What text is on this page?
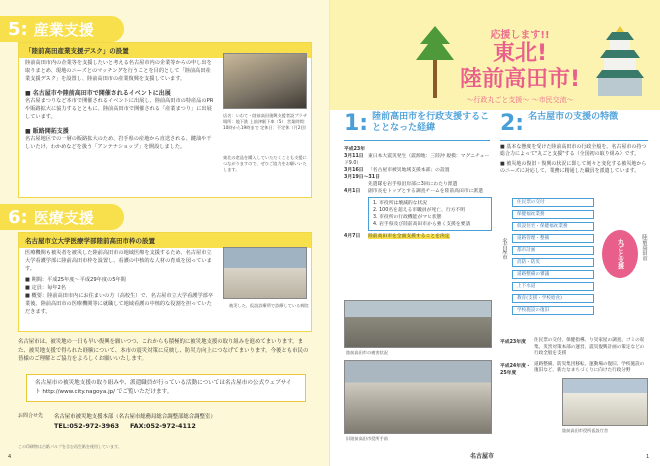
5: 産業支援
「陸前高田産業支援デスク」の設置
陸前高田市内の企業等を支援したいと考える名古屋市内の企業等からの申し出を取りまとめ、現地のニーズとのマッチングを行うことを目的として「陸前高田産業支援デスク」を設置し、陸前高田市の産業復興を支援しています。
■ 名古屋市や陸前高田市で開催されるイベントに出展
名古屋まつりなど本市で開催されるイベントに出展し、陸前高田市の特産品のPRや販路拡大に協力するとともに、陸前高田市で開催される「産業まつり」に出展しています。
■ 販路開拓支援
名古屋地区での一層の販路拡大のため、岩手県の産地から直送される、鍵油や干しいたけ、わかめなどを扱う「アンテナショップ」を開設しました。
店名：いわて・陸前高田復興支援者設プラザ 場所：地下鉄 上前津駅下車（5） 営業時間：10時から19時まで 定休日：不定休（月2回）
東北の産品を購入していただくことも支援につながりますので、ぜひご協力をお願いいたします。
6: 医療支援
名古屋市立大学医療学部陸前高田市枠の設置
医療機関も被災者を被災した陸前高田市の地域医療を支援するため、名古屋市立大学看護学部に陸前高田市枠を設置し、看護の中核的な人材の育成を図っています。
■ 期間：平成25年度〜平成29年度の5年間
■ 定員：毎年2名
■ 概要：陸前高田市内にお住まいの方（高校生）で、名古屋市立大学看護学部卒業後、陸前高田市の医療機関等に就職して地域看護の中核的な役割を担っていただきます。
被災した、仮設診療所で診療している病院
名古屋市は、被災地の一日も早い復興を願いつつ、これからも積極的に被災地支援の取り組みを進めてまいります。また、被災地支援で得られた経験について、本市の震災対策に反映し、防災力向上につなげてまいります。今後とも市民の皆様のご理解とご協力をよろしくお願いいたします。
名古屋市の被災地支援の取り組みや、派遣職員が行っている活動については名古屋市の公式ウェブサイト http://www.city.nagoya.jp/ でご覧いただけます。
お問合せ先 名古屋市被災地支援本部（名古屋市総務局総合調整部総合調整室）
TEL:052-972-3963 FAX:052-972-4112
この印刷物は古紙パルプを含む再生紙を使用しています。
4
応援します!!
東北!
陸前高田市!
〜行政丸ごと支援〜 〜市民交流〜
1: 陸前高田市を行政支援することとなった経緯
平成23年
3月11日 東日本大震災発生（震源地：三陸沖 規模：マグニチュード9.0）
3月16日 「名古屋市被災地域支援本部」の設置
3月19日〜31日
先遣隊を岩手県沿岸部に3回にわたり派遣
4月1日 副市長をトップとする調査チームを陸前高田市に派遣
1. 市役所は壊滅的な状況
2. 100名を超える市職員が死亡、行方不明
3. 市役所の行政機能がマヒ状態
4. 岩手県及び陸前高田市から強く支援を要請
4月7日 陸前高田市を全面支援することを決定
陸前高田市の被害状況
旧陸前高田市役所手前
2: 名古屋市の支援の特徴
■ 基本な態度を受けた陸前高田市の行政全般を、名古屋市の持つ総合力によって"丸ごと支援"する（全国初の取り組み）です。
■ 被災地の復旧・復興の状況に即して刻々と変化する被災地からのニーズに対応して、業務に精通した職員を派遣しています。
名古屋市
住民票の交付
保健福祉業務
仮設住宅・保健福祉業務
道路管理・整備
都市計画
消防・防災
道路整備の審議
上下水道
教育(支援・学校給食)
学校施設の復旧
丸ごと支援	陸前高田市
平成23年度	住民票の交付、保健指導、り災家屋の調査、ゴミの収集、災害対策本部の運営、震災復興計画の策定などの行政全般を支援
平成24年度・25年度
道路整備、防災集団移転、運動場の復旧、学校施設の復旧など、新たなまちづくりに向けた行政分野
陸前高田市役所仮設庁舎
名古屋市	1
